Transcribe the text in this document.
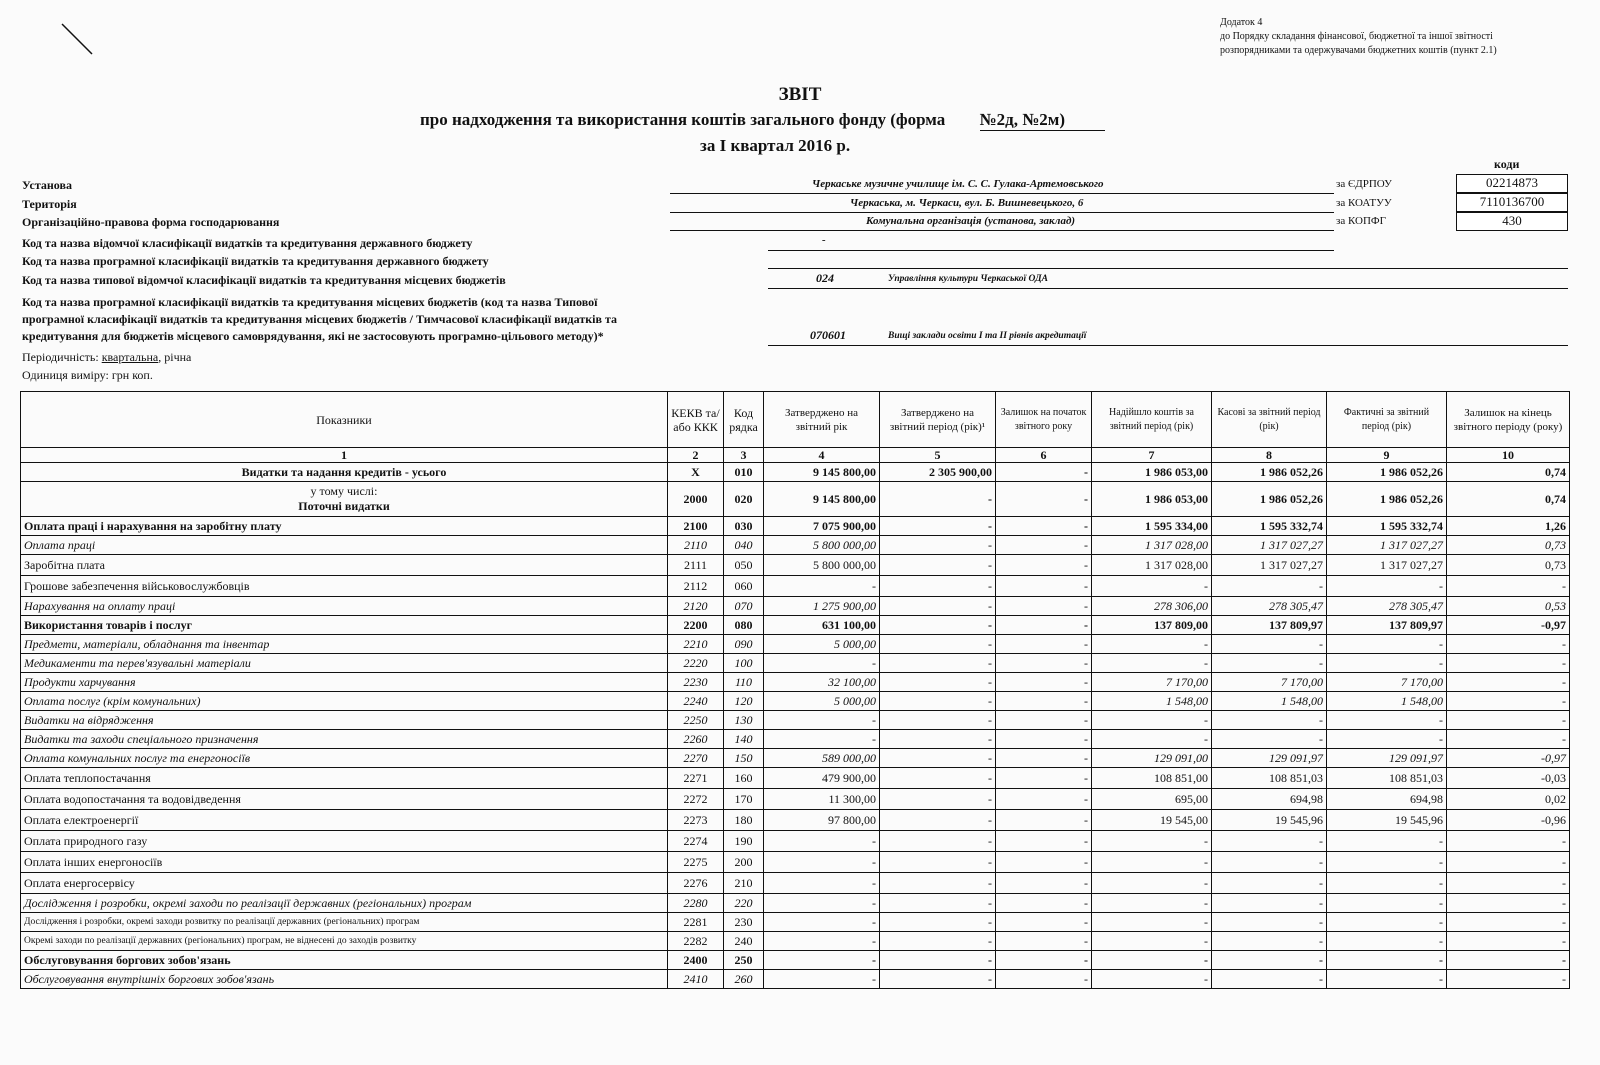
Додаток 4
до Порядку складання фінансової, бюджетної та іншої звітності
розпорядниками та одержувачами бюджетних коштів (пункт 2.1)
ЗВІТ
про надходження та використання коштів загального фонду (форма №2д, №2м)
за I квартал 2016 р.
коди
за ЄДРПОУ	02214873
за КОАТУУ	7110136700
за КОПФГ	430
Установа	Черкаське музичне училище ім. С. С. Гулака-Артемовського
Територія	Черкаська, м. Черкаси, вул. Б. Вишневецького, 6
Організаційно-правова форма господарювання	Комунальна організація (установа, заклад)
Код та назва відомчої класифікації видатків та кредитування державного бюджету	-
Код та назва програмної класифікації видатків та кредитування державного бюджету
Код та назва типової відомчої класифікації видатків та кредитування місцевих бюджетів	024	Управління культури Черкаської ОДА
Код та назва програмної класифікації видатків та кредитування місцевих бюджетів (код та назва Типової
програмної класифікації видатків та кредитування місцевих бюджетів / Тимчасової класифікації видатків та
кредитування для бюджетів місцевого самоврядування, які не застосовують програмно-цільового методу)*	070601	Вищі заклади освіти I та II рівнів акредитації
Періодичність: квартальна, річна
Одиниця виміру: грн коп.
Показники	КЕКВ та/або ККК	Код рядка	Затверджено на звітний рік	Затверджено на звітний період (рік)¹	Залишок на початок звітного року	Надійшло коштів за звітний період (рік)	Касові за звітний період (рік)	Фактичні за звітний період (рік)	Залишок на кінець звітного періоду (року)
1	2	3	4	5	6	7	8	9	10
Видатки та надання кредитів - усього	X	010	9 145 800,00	2 305 900,00	-	1 986 053,00	1 986 052,26	1 986 052,26	0,74

у тому числі:
Поточні видатки	2000	020	9 145 800,00	-	-	1 986 053,00	1 986 052,26	1 986 052,26	0,74
Оплата праці і нарахування на заробітну плату	2100	030	7 075 900,00	-	-	1 595 334,00	1 595 332,74	1 595 332,74	1,26
Оплата праці	2110	040	5 800 000,00	-	-	1 317 028,00	1 317 027,27	1 317 027,27	0,73
Заробітна плата	2111	050	5 800 000,00	-	-	1 317 028,00	1 317 027,27	1 317 027,27	0,73
Грошове забезпечення військовослужбовців	2112	060	-	-	-	-	-	-	-
Нарахування на оплату праці	2120	070	1 275 900,00	-	-	278 306,00	278 305,47	278 305,47	0,53
Використання товарів і послуг	2200	080	631 100,00	-	-	137 809,00	137 809,97	137 809,97	-0,97
Предмети, матеріали, обладнання та інвентар	2210	090	5 000,00	-	-	-	-	-	-
Медикаменти та перев'язувальні матеріали	2220	100	-	-	-	-	-	-	-
Продукти харчування	2230	110	32 100,00	-	-	7 170,00	7 170,00	7 170,00	-
Оплата послуг (крім комунальних)	2240	120	5 000,00	-	-	1 548,00	1 548,00	1 548,00	-
Видатки на відрядження	2250	130	-	-	-	-	-	-	-
Видатки та заходи спеціального призначення	2260	140	-	-	-	-	-	-	-
Оплата комунальних послуг та енергоносіїв	2270	150	589 000,00	-	-	129 091,00	129 091,97	129 091,97	-0,97
Оплата теплопостачання	2271	160	479 900,00	-	-	108 851,00	108 851,03	108 851,03	-0,03
Оплата водопостачання та водовідведення	2272	170	11 300,00	-	-	695,00	694,98	694,98	0,02
Оплата електроенергії	2273	180	97 800,00	-	-	19 545,00	19 545,96	19 545,96	-0,96
Оплата природного газу	2274	190	-	-	-	-	-	-	-
Оплата інших енергоносіїв	2275	200	-	-	-	-	-	-	-
Оплата енергосервісу	2276	210	-	-	-	-	-	-	-
Дослідження і розробки, окремі заходи по реалізації державних (регіональних) програм	2280	220	-	-	-	-	-	-	-
Дослідження і розробки, окремі заходи розвитку по реалізації державних (регіональних) програм	2281	230	-	-	-	-	-	-	-
Окремі заходи по реалізації державних (регіональних) програм, не віднесені до заходів розвитку	2282	240	-	-	-	-	-	-	-
Обслуговування боргових зобов'язань	2400	250	-	-	-	-	-	-	-
Обслуговування внутрішніх боргових зобов'язань	2410	260	-	-	-	-	-	-	-
